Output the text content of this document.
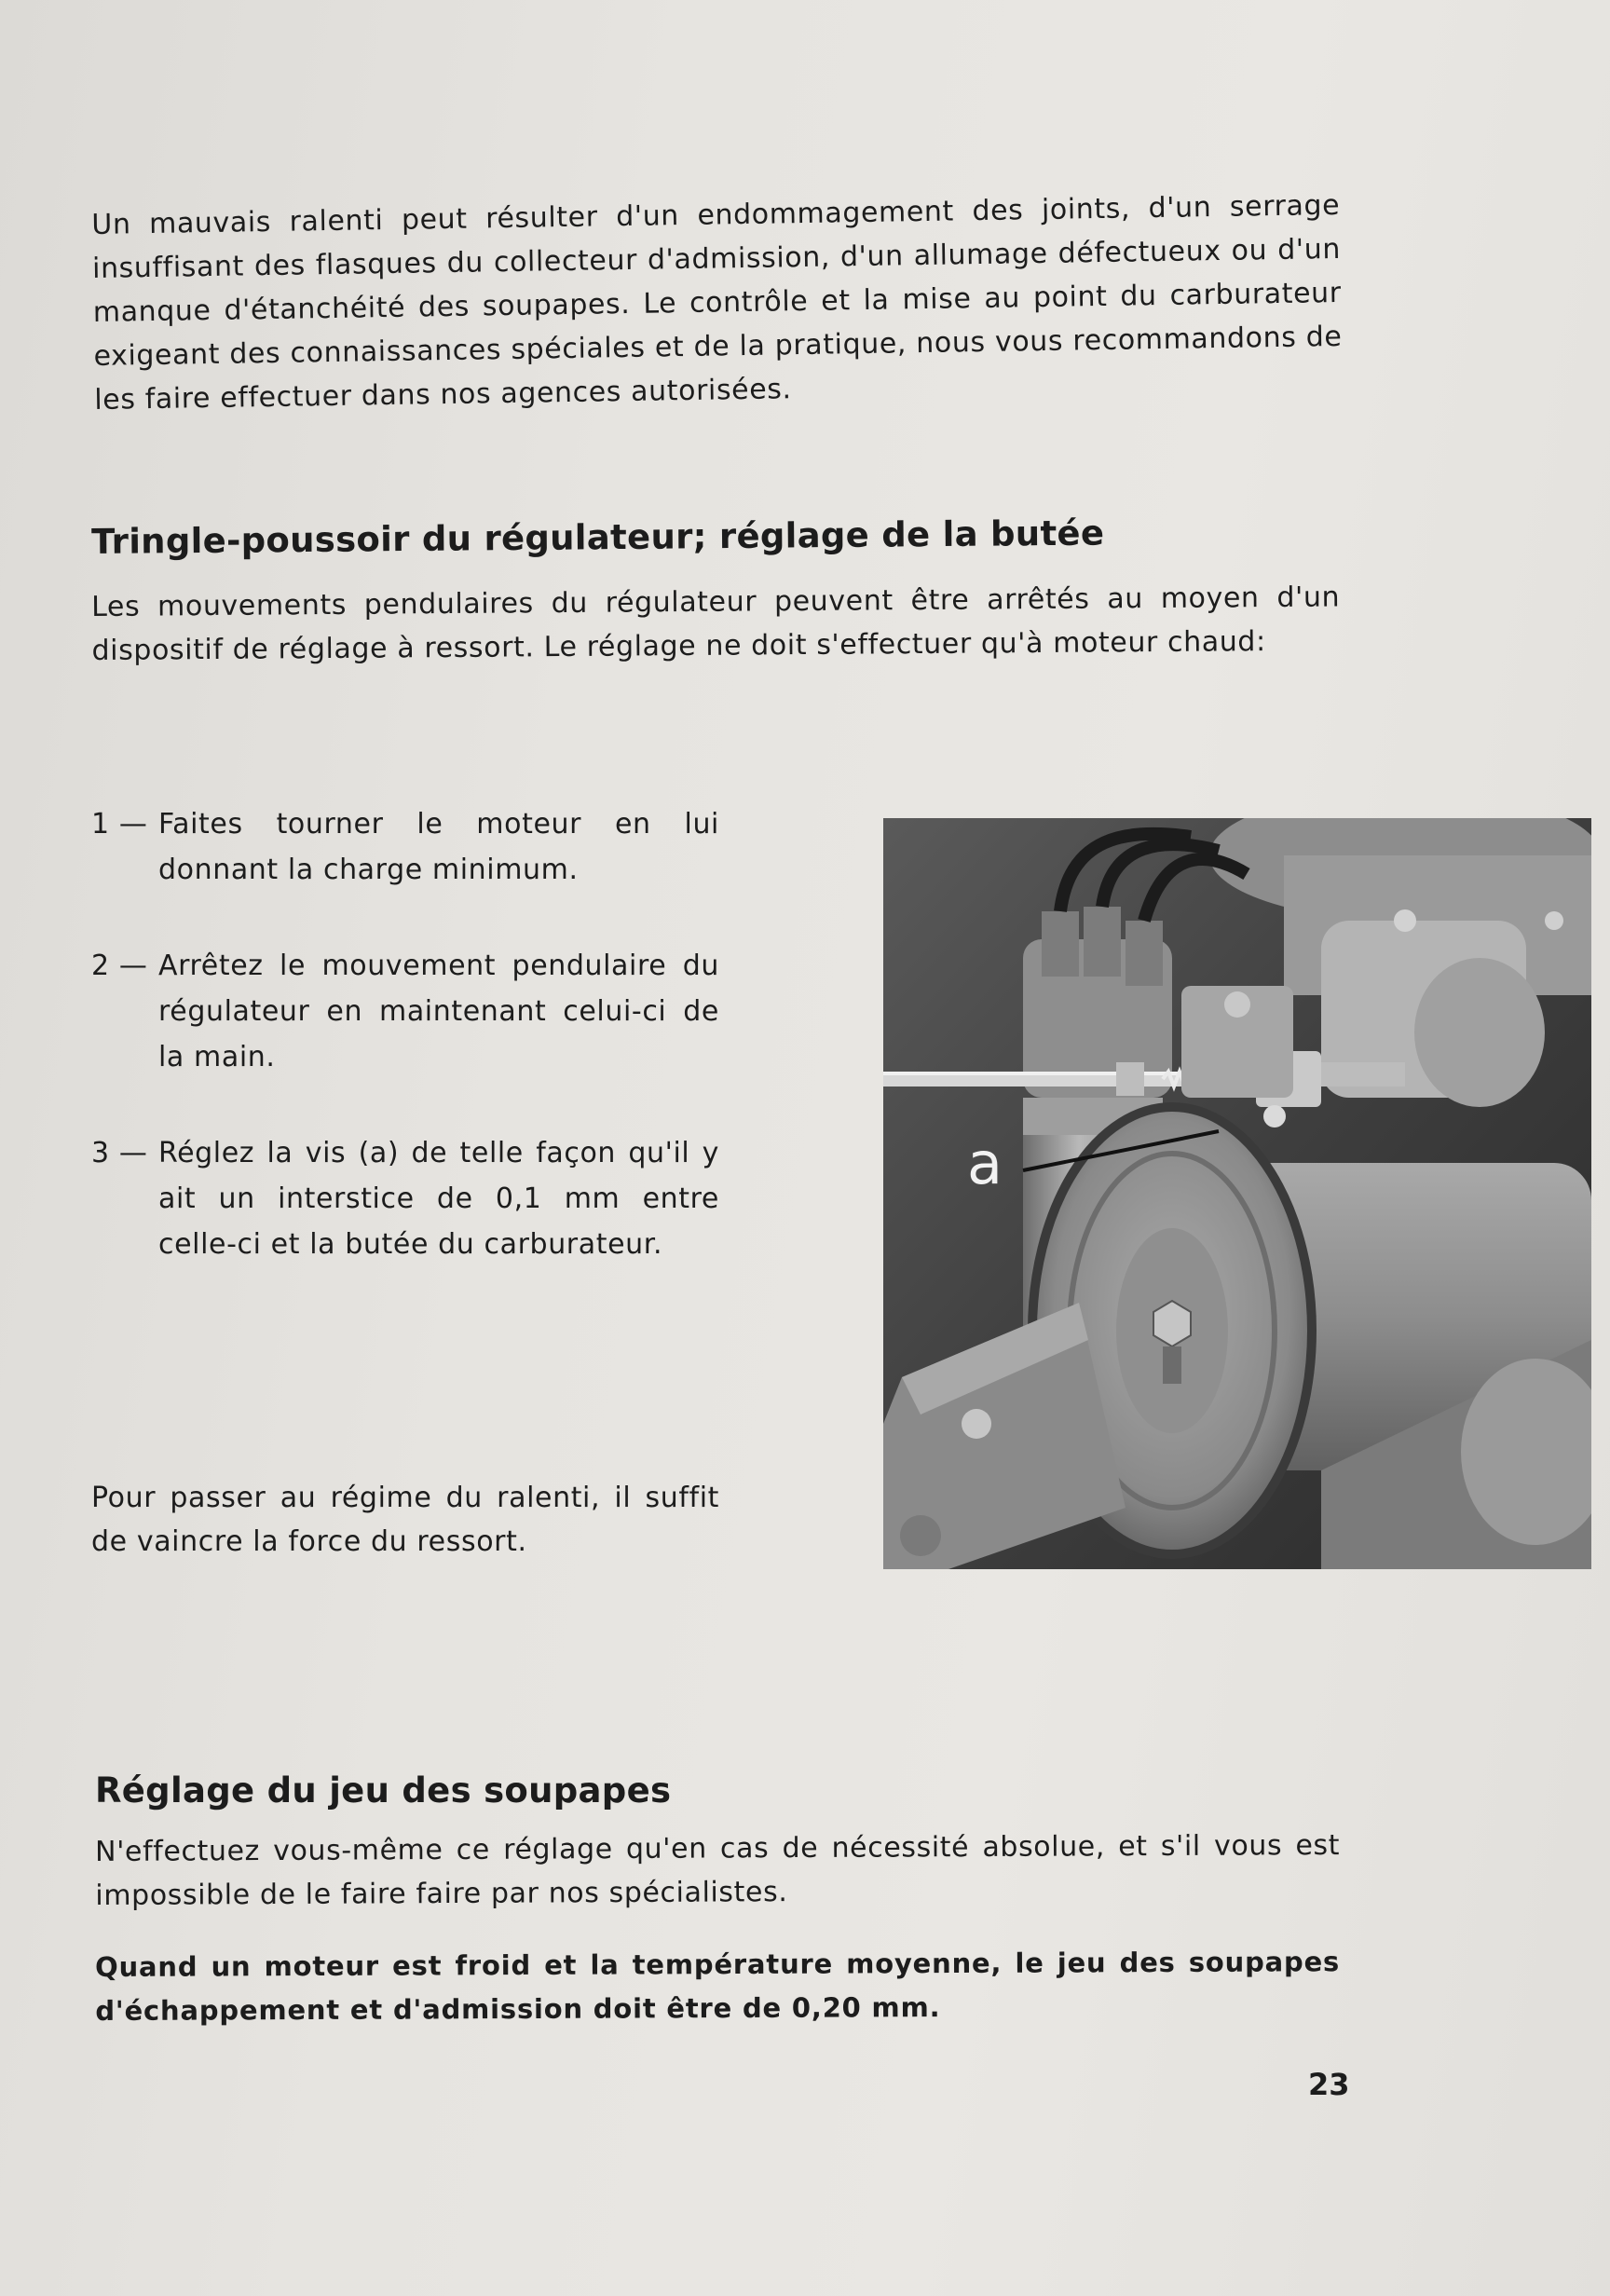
Un mauvais ralenti peut résulter d'un endommagement des joints, d'un serrage insuffisant des flasques du collecteur d'admission, d'un allumage défectueux ou d'un manque d'étanchéité des soupapes. Le contrôle et la mise au point du carburateur exigeant des connaissances spéciales et de la pratique, nous vous recommandons de les faire effectuer dans nos agences autorisées.

Tringle-poussoir du régulateur; réglage de la butée

Les mouvements pendulaires du régulateur peuvent être arrêtés au moyen d'un dispositif de réglage à ressort. Le réglage ne doit s'effectuer qu'à moteur chaud:

1 — Faites tourner le moteur en lui donnant la charge minimum.
2 — Arrêtez le mouvement pendulaire du régulateur en maintenant celui-ci de la main.
3 — Réglez la vis (a) de telle façon qu'il y ait un interstice de 0,1 mm entre celle-ci et la butée du carburateur.

Pour passer au régime du ralenti, il suffit de vaincre la force du ressort.

a
Réglage du jeu des soupapes

N'effectuez vous-même ce réglage qu'en cas de nécessité absolue, et s'il vous est impossible de le faire faire par nos spécialistes.

Quand un moteur est froid et la température moyenne, le jeu des soupapes d'échappement et d'admission doit être de 0,20 mm.

23
